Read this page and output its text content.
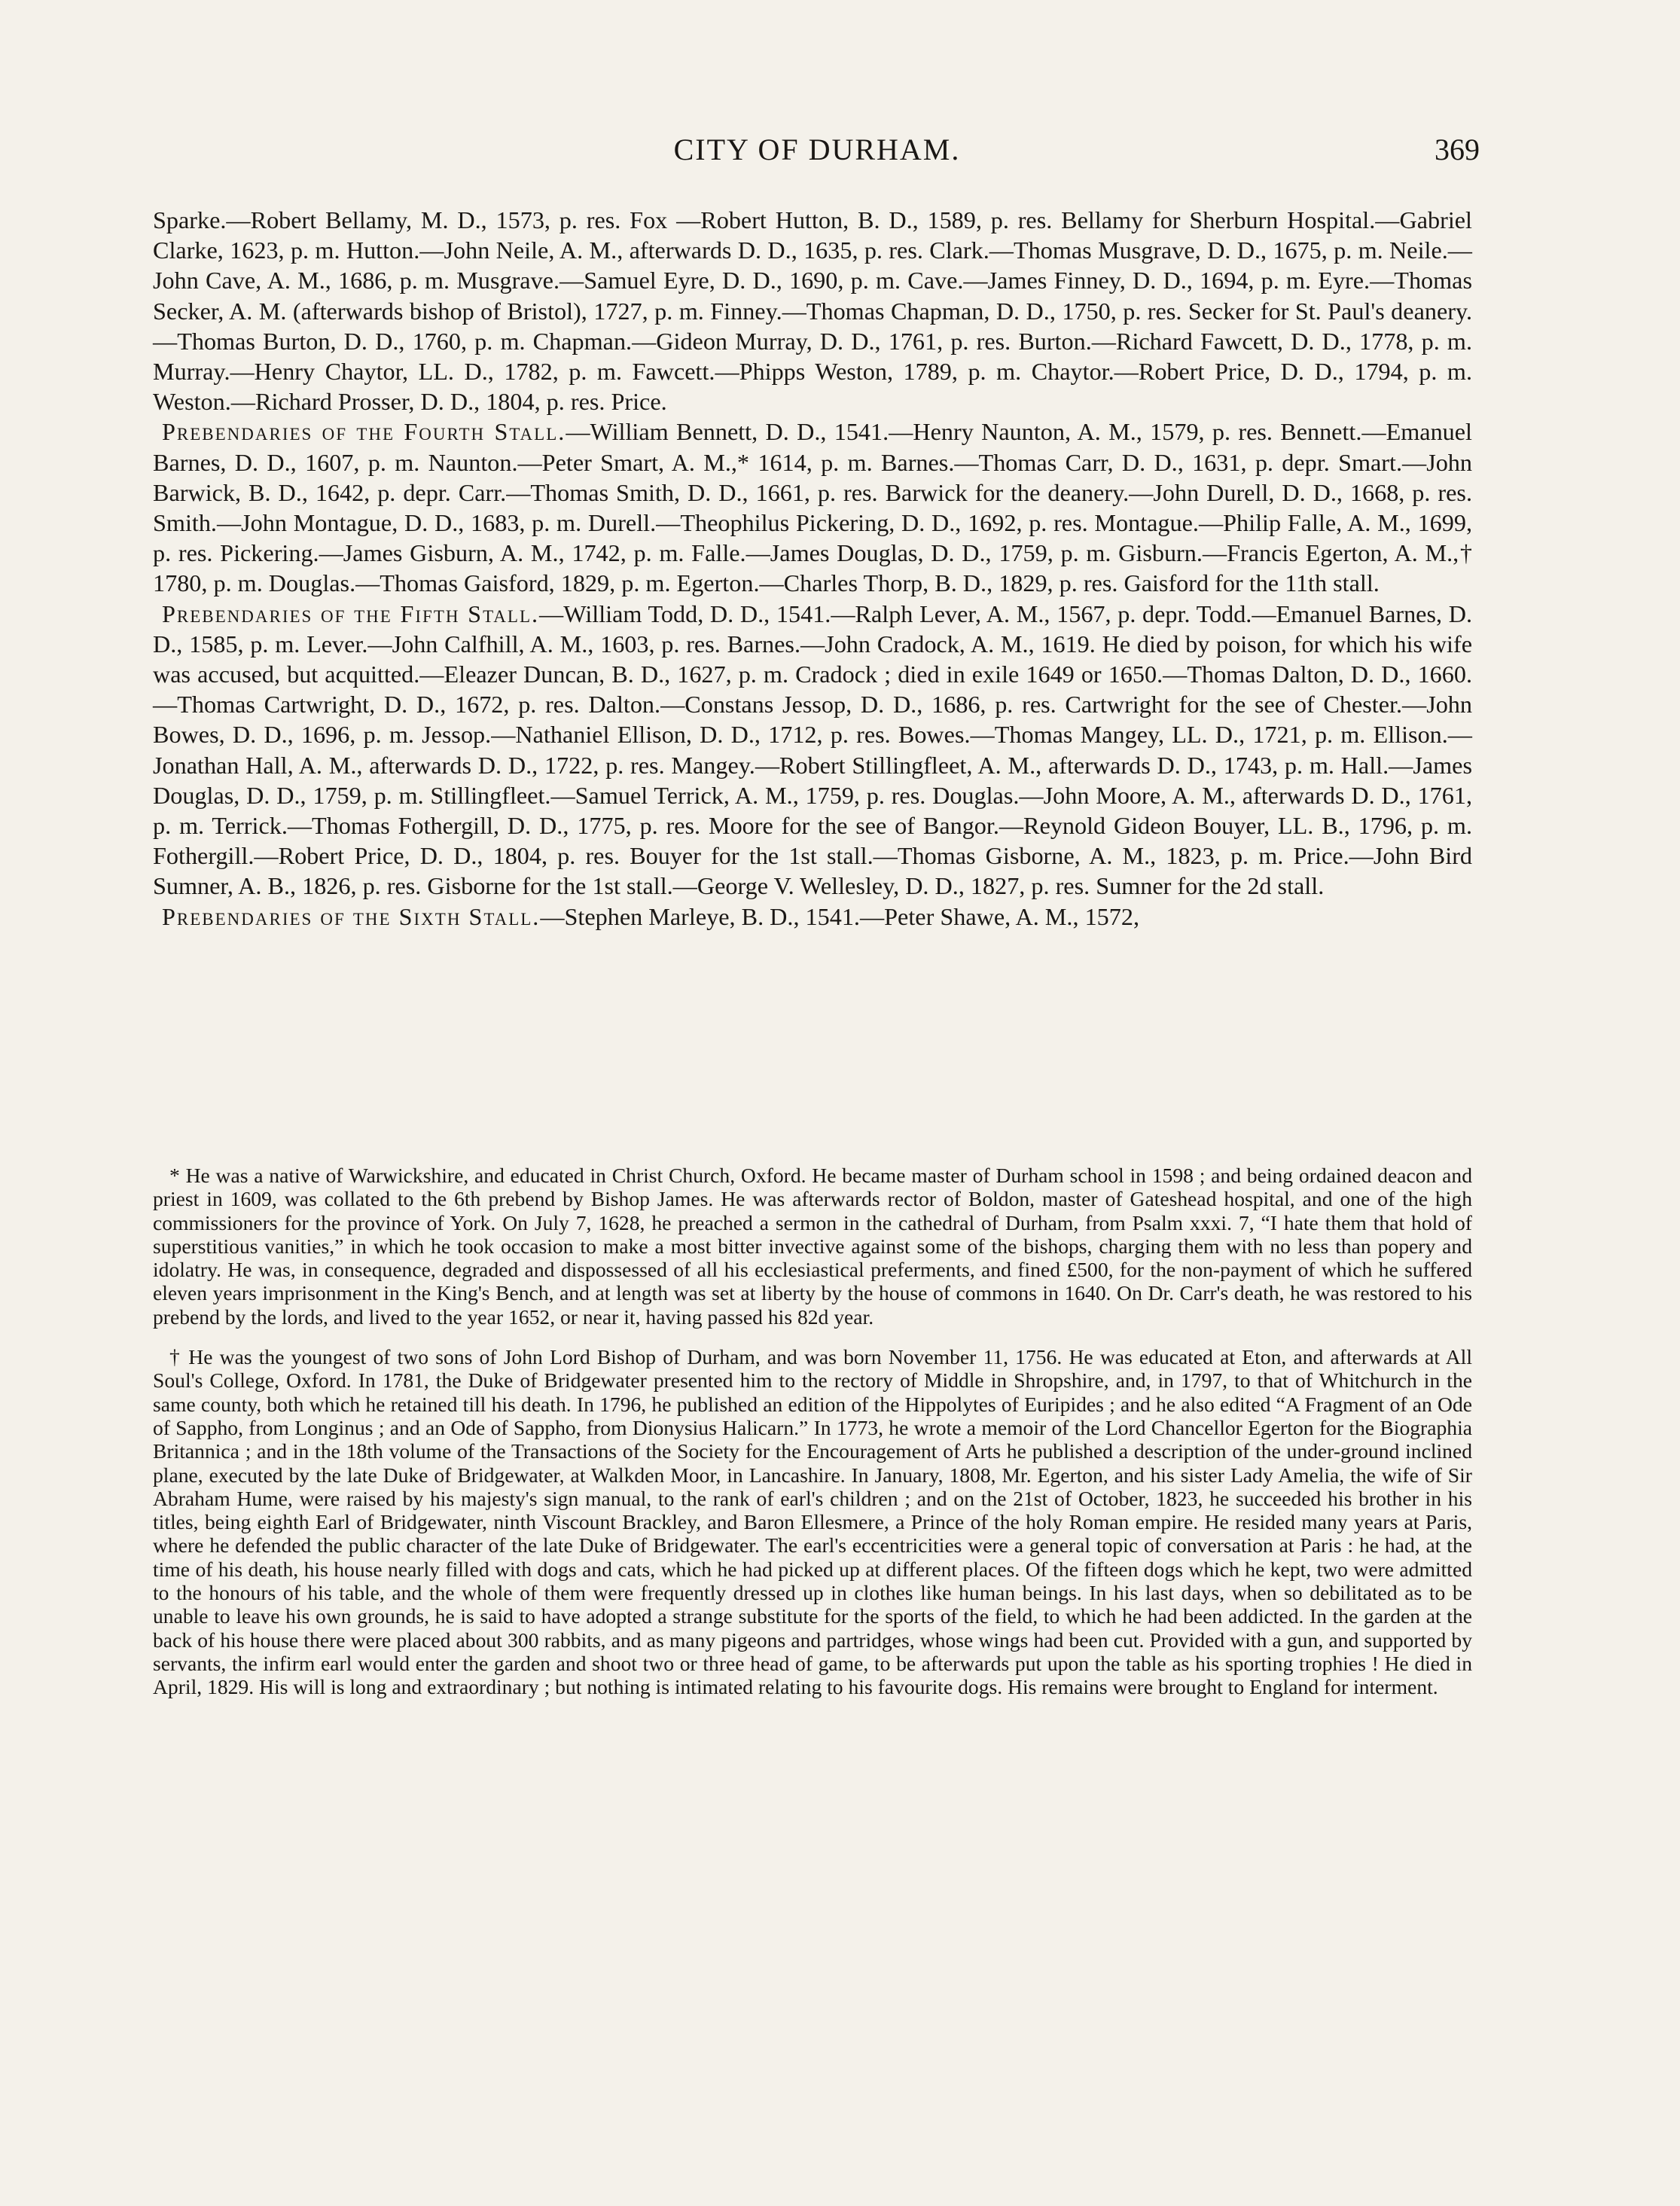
CITY OF DURHAM.	369

Sparke.—Robert Bellamy, M. D., 1573, p. res. Fox —Robert Hutton, B. D., 1589, p. res. Bellamy for Sherburn Hospital.—Gabriel Clarke, 1623, p. m. Hutton.—John Neile, A. M., afterwards D. D., 1635, p. res. Clark.—Thomas Musgrave, D. D., 1675, p. m. Neile.—John Cave, A. M., 1686, p. m. Musgrave.—Samuel Eyre, D. D., 1690, p. m. Cave.—James Finney, D. D., 1694, p. m. Eyre.—Thomas Secker, A. M. (afterwards bishop of Bristol), 1727, p. m. Finney.—Thomas Chapman, D. D., 1750, p. res. Secker for St. Paul's deanery.—Thomas Burton, D. D., 1760, p. m. Chapman.—Gideon Murray, D. D., 1761, p. res. Burton.—Richard Fawcett, D. D., 1778, p. m. Murray.—Henry Chaytor, LL. D., 1782, p. m. Fawcett.—Phipps Weston, 1789, p. m. Chaytor.—Robert Price, D. D., 1794, p. m. Weston.—Richard Prosser, D. D., 1804, p. res. Price.

Prebendaries of the Fourth Stall.—William Bennett, D. D., 1541.—Henry Naunton, A. M., 1579, p. res. Bennett.—Emanuel Barnes, D. D., 1607, p. m. Naunton.—Peter Smart, A. M.,* 1614, p. m. Barnes.—Thomas Carr, D. D., 1631, p. depr. Smart.—John Barwick, B. D., 1642, p. depr. Carr.—Thomas Smith, D. D., 1661, p. res. Barwick for the deanery.—John Durell, D. D., 1668, p. res. Smith.—John Montague, D. D., 1683, p. m. Durell.—Theophilus Pickering, D. D., 1692, p. res. Montague.—Philip Falle, A. M., 1699, p. res. Pickering.—James Gisburn, A. M., 1742, p. m. Falle.—James Douglas, D. D., 1759, p. m. Gisburn.—Francis Egerton, A. M.,† 1780, p. m. Douglas.—Thomas Gaisford, 1829, p. m. Egerton.—Charles Thorp, B. D., 1829, p. res. Gaisford for the 11th stall.

Prebendaries of the Fifth Stall.—William Todd, D. D., 1541.—Ralph Lever, A. M., 1567, p. depr. Todd.—Emanuel Barnes, D. D., 1585, p. m. Lever.—John Calfhill, A. M., 1603, p. res. Barnes.—John Cradock, A. M., 1619. He died by poison, for which his wife was accused, but acquitted.—Eleazer Duncan, B. D., 1627, p. m. Cradock ; died in exile 1649 or 1650.—Thomas Dalton, D. D., 1660.—Thomas Cartwright, D. D., 1672, p. res. Dalton.—Constans Jessop, D. D., 1686, p. res. Cartwright for the see of Chester.—John Bowes, D. D., 1696, p. m. Jessop.—Nathaniel Ellison, D. D., 1712, p. res. Bowes.—Thomas Mangey, LL. D., 1721, p. m. Ellison.—Jonathan Hall, A. M., afterwards D. D., 1722, p. res. Mangey.—Robert Stillingfleet, A. M., afterwards D. D., 1743, p. m. Hall.—James Douglas, D. D., 1759, p. m. Stillingfleet.—Samuel Terrick, A. M., 1759, p. res. Douglas.—John Moore, A. M., afterwards D. D., 1761, p. m. Terrick.—Thomas Fothergill, D. D., 1775, p. res. Moore for the see of Bangor.—Reynold Gideon Bouyer, LL. B., 1796, p. m. Fothergill.—Robert Price, D. D., 1804, p. res. Bouyer for the 1st stall.—Thomas Gisborne, A. M., 1823, p. m. Price.—John Bird Sumner, A. B., 1826, p. res. Gisborne for the 1st stall.—George V. Wellesley, D. D., 1827, p. res. Sumner for the 2d stall.

Prebendaries of the Sixth Stall.—Stephen Marleye, B. D., 1541.—Peter Shawe, A. M., 1572,

* He was a native of Warwickshire, and educated in Christ Church, Oxford. He became master of Durham school in 1598 ; and being ordained deacon and priest in 1609, was collated to the 6th prebend by Bishop James. He was afterwards rector of Boldon, master of Gateshead hospital, and one of the high commissioners for the province of York. On July 7, 1628, he preached a sermon in the cathedral of Durham, from Psalm xxxi. 7, “I hate them that hold of superstitious vanities,” in which he took occasion to make a most bitter invective against some of the bishops, charging them with no less than popery and idolatry. He was, in consequence, degraded and dispossessed of all his ecclesiastical preferments, and fined £500, for the non-payment of which he suffered eleven years imprisonment in the King's Bench, and at length was set at liberty by the house of commons in 1640. On Dr. Carr's death, he was restored to his prebend by the lords, and lived to the year 1652, or near it, having passed his 82d year.

† He was the youngest of two sons of John Lord Bishop of Durham, and was born November 11, 1756. He was educated at Eton, and afterwards at All Soul's College, Oxford. In 1781, the Duke of Bridgewater presented him to the rectory of Middle in Shropshire, and, in 1797, to that of Whitchurch in the same county, both which he retained till his death. In 1796, he published an edition of the Hippolytes of Euripides ; and he also edited “A Fragment of an Ode of Sappho, from Longinus ; and an Ode of Sappho, from Dionysius Halicarn.” In 1773, he wrote a memoir of the Lord Chancellor Egerton for the Biographia Britannica ; and in the 18th volume of the Transactions of the Society for the Encouragement of Arts he published a description of the under-ground inclined plane, executed by the late Duke of Bridgewater, at Walkden Moor, in Lancashire. In January, 1808, Mr. Egerton, and his sister Lady Amelia, the wife of Sir Abraham Hume, were raised by his majesty's sign manual, to the rank of earl's children ; and on the 21st of October, 1823, he succeeded his brother in his titles, being eighth Earl of Bridgewater, ninth Viscount Brackley, and Baron Ellesmere, a Prince of the holy Roman empire. He resided many years at Paris, where he defended the public character of the late Duke of Bridgewater. The earl's eccentricities were a general topic of conversation at Paris : he had, at the time of his death, his house nearly filled with dogs and cats, which he had picked up at different places. Of the fifteen dogs which he kept, two were admitted to the honours of his table, and the whole of them were frequently dressed up in clothes like human beings. In his last days, when so debilitated as to be unable to leave his own grounds, he is said to have adopted a strange substitute for the sports of the field, to which he had been addicted. In the garden at the back of his house there were placed about 300 rabbits, and as many pigeons and partridges, whose wings had been cut. Provided with a gun, and supported by servants, the infirm earl would enter the garden and shoot two or three head of game, to be afterwards put upon the table as his sporting trophies ! He died in April, 1829. His will is long and extraordinary ; but nothing is intimated relating to his favourite dogs. His remains were brought to England for interment.
